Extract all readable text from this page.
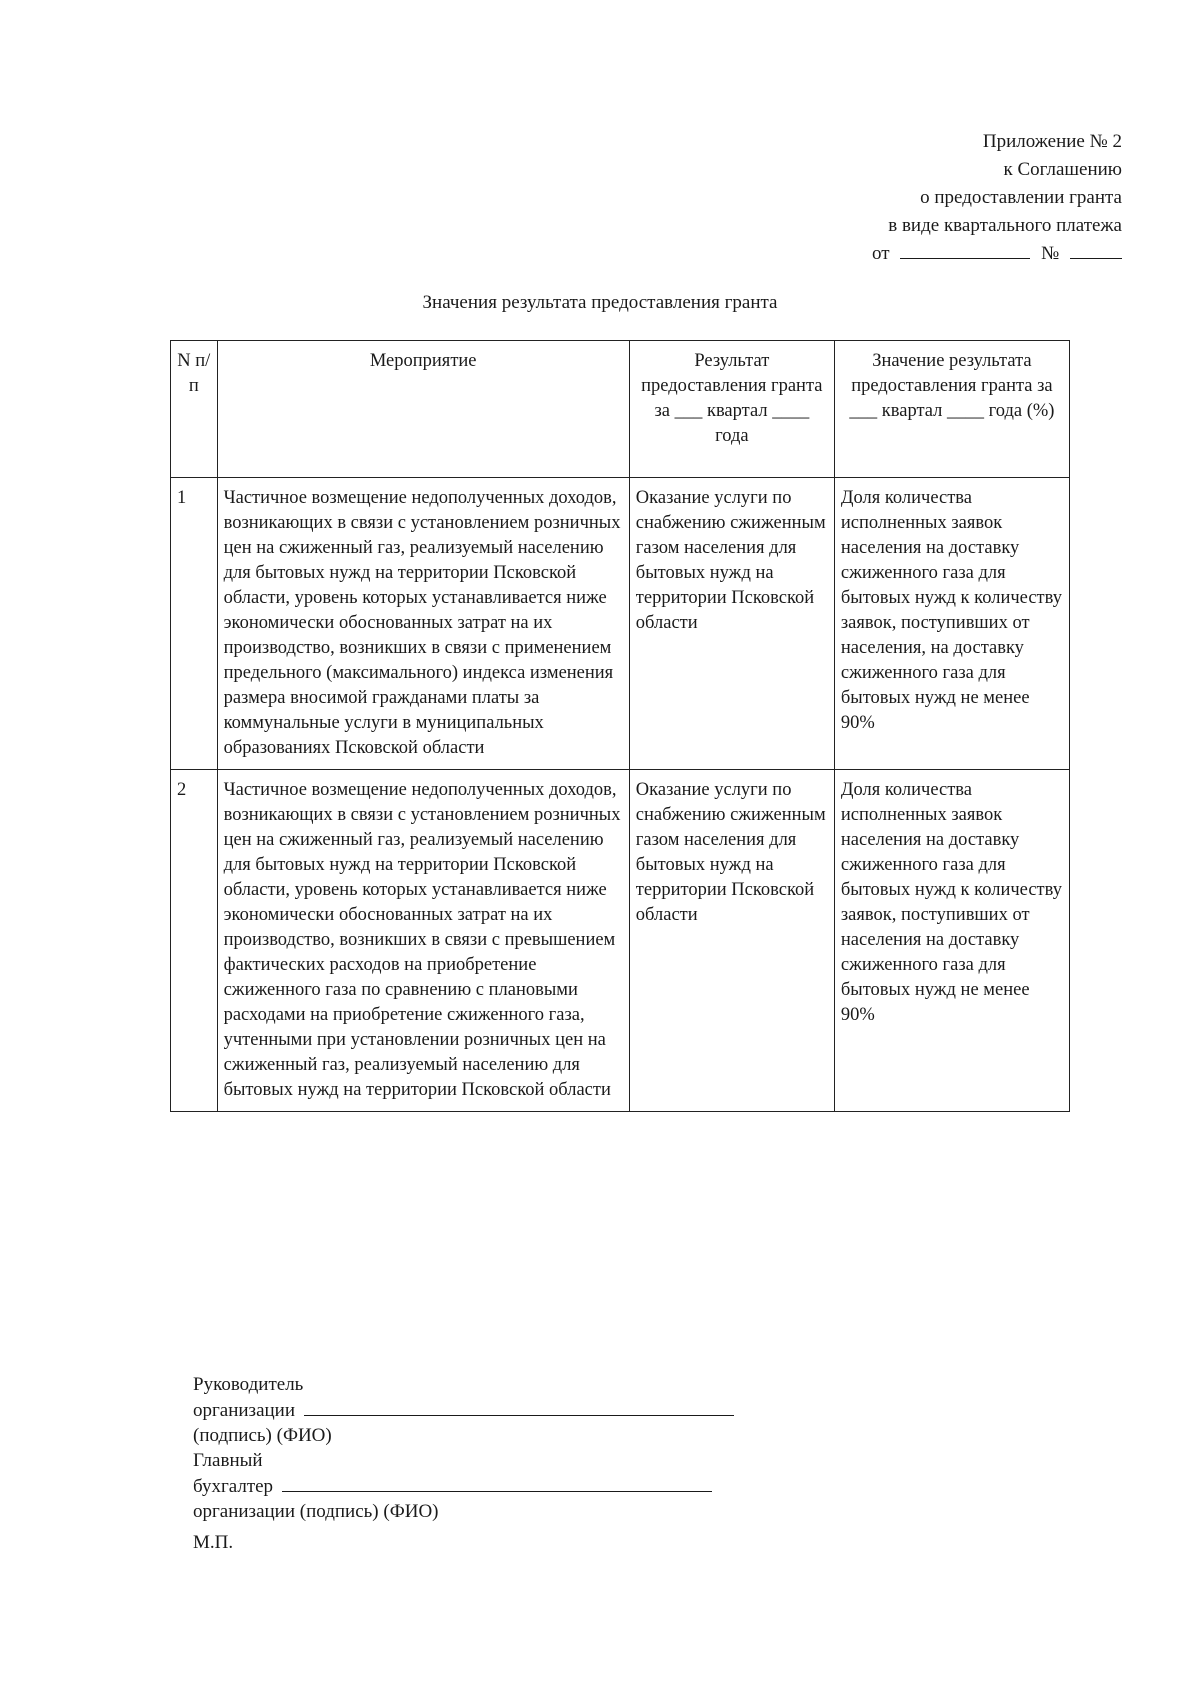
Приложение № 2
к Соглашению
о предоставлении гранта
в виде квартального платежа
от	№
Значения результата предоставления гранта
N п/п	Мероприятие	Результат предоставления гранта за ___ квартал ____ года	Значение результата предоставления гранта за ___ квартал ____ года (%)
1	Частичное возмещение недополученных доходов, возникающих в связи с установлением розничных цен на сжиженный газ, реализуемый населению для бытовых нужд на территории Псковской области, уровень которых устанавливается ниже экономически обоснованных затрат на их производство, возникших в связи с применением предельного (максимального) индекса изменения размера вносимой гражданами платы за коммунальные услуги в муниципальных образованиях Псковской области	Оказание услуги по снабжению сжиженным газом населения для бытовых нужд на территории Псковской области	Доля количества исполненных заявок населения на доставку сжиженного газа для бытовых нужд к количеству заявок, поступивших от населения, на доставку сжиженного газа для бытовых нужд не менее 90%
2	Частичное возмещение недополученных доходов, возникающих в связи с установлением розничных цен на сжиженный газ, реализуемый населению для бытовых нужд на территории Псковской области, уровень которых устанавливается ниже экономически обоснованных затрат на их производство, возникших в связи с превышением фактических расходов на приобретение сжиженного газа по сравнению с плановыми расходами на приобретение сжиженного газа, учтенными при установлении розничных цен на сжиженный газ, реализуемый населению для бытовых нужд на территории Псковской области	Оказание услуги по снабжению сжиженным газом населения для бытовых нужд на территории Псковской области	Доля количества исполненных заявок населения на доставку сжиженного газа для бытовых нужд к количеству заявок, поступивших от населения на доставку сжиженного газа для бытовых нужд не менее 90%
Руководитель
организации
(подпись) (ФИО)
Главный
бухгалтер
организации (подпись) (ФИО)
М.П.
